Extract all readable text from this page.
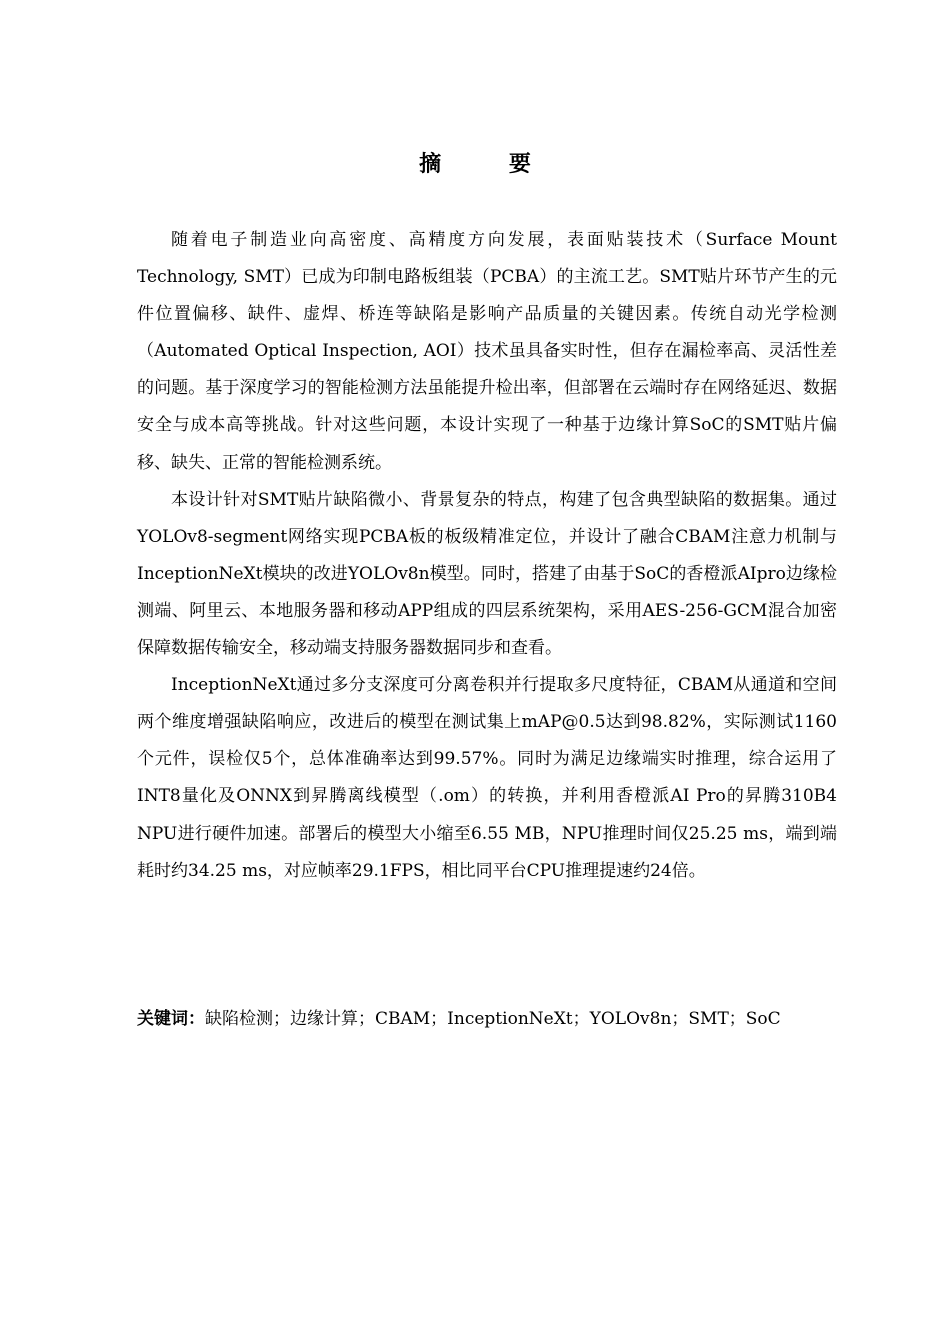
摘 要

随着电子制造业向高密度、高精度方向发展，表面贴装技术（Surface Mount Technology, SMT）已成为印制电路板组装（PCBA）的主流工艺。SMT贴片环节产生的元件位置偏移、缺件、虚焊、桥连等缺陷是影响产品质量的关键因素。传统自动光学检测（Automated Optical Inspection, AOI）技术虽具备实时性，但存在漏检率高、灵活性差的问题。基于深度学习的智能检测方法虽能提升检出率，但部署在云端时存在网络延迟、数据安全与成本高等挑战。针对这些问题，本设计实现了一种基于边缘计算SoC的SMT贴片偏移、缺失、正常的智能检测系统。

本设计针对SMT贴片缺陷微小、背景复杂的特点，构建了包含典型缺陷的数据集。通过YOLOv8-segment网络实现PCBA板的板级精准定位，并设计了融合CBAM注意力机制与InceptionNeXt模块的改进YOLOv8n模型。同时，搭建了由基于SoC的香橙派AIpro边缘检测端、阿里云、本地服务器和移动APP组成的四层系统架构，采用AES-256-GCM混合加密保障数据传输安全，移动端支持服务器数据同步和查看。

InceptionNeXt通过多分支深度可分离卷积并行提取多尺度特征，CBAM从通道和空间两个维度增强缺陷响应，改进后的模型在测试集上mAP@0.5达到98.82%，实际测试1160个元件，误检仅5个，总体准确率达到99.57%。同时为满足边缘端实时推理，综合运用了INT8量化及ONNX到昇腾离线模型（.om）的转换，并利用香橙派AI Pro的昇腾310B4 NPU进行硬件加速。部署后的模型大小缩至6.55 MB，NPU推理时间仅25.25 ms，端到端耗时约34.25 ms，对应帧率29.1FPS，相比同平台CPU推理提速约24倍。

关键词：缺陷检测；边缘计算；CBAM；InceptionNeXt；YOLOv8n；SMT；SoC
